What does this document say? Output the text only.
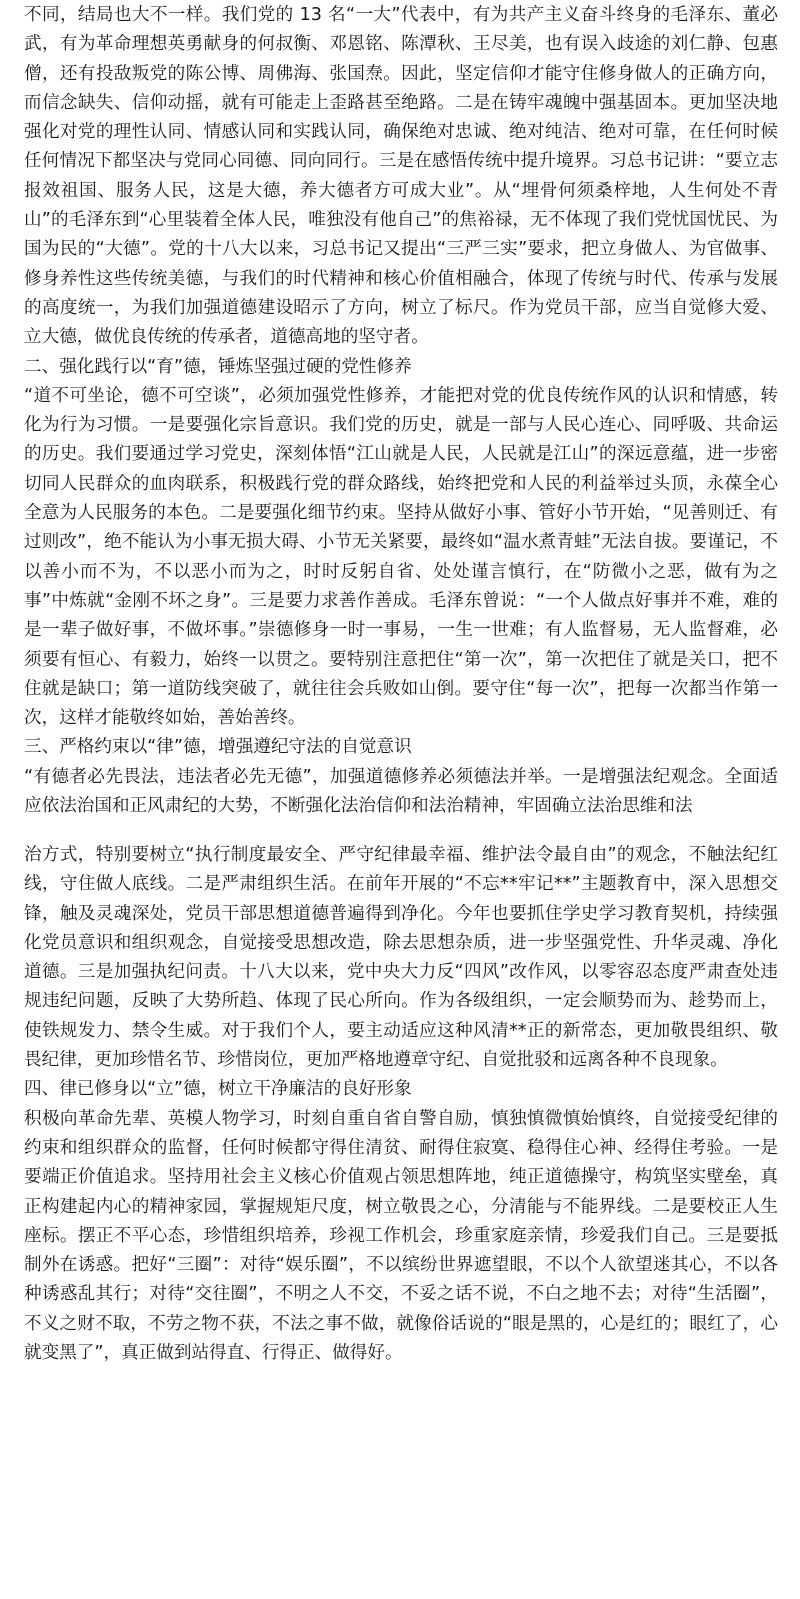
不同，结局也大不一样。我们党的 13 名“一大”代表中，有为共产主义奋斗终身的毛泽东、董必武，有为革命理想英勇献身的何叔衡、邓恩铭、陈潭秋、王尽美，也有误入歧途的刘仁静、包惠僧，还有投敌叛党的陈公博、周佛海、张国焘。因此，坚定信仰才能守住修身做人的正确方向，而信念缺失、信仰动摇，就有可能走上歪路甚至绝路。二是在铸牢魂魄中强基固本。更加坚决地强化对党的理性认同、情感认同和实践认同，确保绝对忠诚、绝对纯洁、绝对可靠，在任何时候任何情况下都坚决与党同心同德、同向同行。三是在感悟传统中提升境界。习总书记讲：“要立志报效祖国、服务人民，这是大德，养大德者方可成大业”。从“埋骨何须桑梓地，人生何处不青山”的毛泽东到“心里装着全体人民，唯独没有他自己”的焦裕禄，无不体现了我们党忧国忧民、为国为民的“大德”。党的十八大以来，习总书记又提出“三严三实”要求，把立身做人、为官做事、修身养性这些传统美德，与我们的时代精神和核心价值相融合，体现了传统与时代、传承与发展的高度统一，为我们加强道德建设昭示了方向，树立了标尺。作为党员干部，应当自觉修大爱、立大德，做优良传统的传承者，道德高地的坚守者。

二、强化践行以“育”德，锤炼坚强过硬的党性修养

“道不可坐论，德不可空谈”，必须加强党性修养，才能把对党的优良传统作风的认识和情感，转化为行为习惯。一是要强化宗旨意识。我们党的历史，就是一部与人民心连心、同呼吸、共命运的历史。我们要通过学习党史，深刻体悟“江山就是人民，人民就是江山”的深远意蕴，进一步密切同人民群众的血肉联系，积极践行党的群众路线，始终把党和人民的利益举过头顶，永葆全心全意为人民服务的本色。二是要强化细节约束。坚持从做好小事、管好小节开始，“见善则迁、有过则改”，绝不能认为小事无损大碍、小节无关紧要，最终如“温水煮青蛙”无法自拔。要谨记，不以善小而不为，不以恶小而为之，时时反躬自省、处处谨言慎行，在“防微小之恶，做有为之事”中炼就“金刚不坏之身”。三是要力求善作善成。毛泽东曾说：“一个人做点好事并不难，难的是一辈子做好事，不做坏事。”崇德修身一时一事易，一生一世难；有人监督易，无人监督难，必须要有恒心、有毅力，始终一以贯之。要特别注意把住“第一次”，第一次把住了就是关口，把不住就是缺口；第一道防线突破了，就往往会兵败如山倒。要守住“每一次”，把每一次都当作第一次，这样才能敬终如始，善始善终。

三、严格约束以“律”德，增强遵纪守法的自觉意识

“有德者必先畏法，违法者必先无德”，加强道德修养必须德法并举。一是增强法纪观念。全面适应依法治国和正风肃纪的大势，不断强化法治信仰和法治精神，牢固确立法治思维和法

治方式，特别要树立“执行制度最安全、严守纪律最幸福、维护法令最自由”的观念，不触法纪红线，守住做人底线。二是严肃组织生活。在前年开展的“不忘**牢记**”主题教育中，深入思想交锋，触及灵魂深处，党员干部思想道德普遍得到净化。今年也要抓住学史学习教育契机，持续强化党员意识和组织观念，自觉接受思想改造，除去思想杂质，进一步坚强党性、升华灵魂、净化道德。三是加强执纪问责。十八大以来，党中央大力反“四风”改作风，以零容忍态度严肃查处违规违纪问题，反映了大势所趋、体现了民心所向。作为各级组织，一定会顺势而为、趁势而上，使铁规发力、禁令生威。对于我们个人，要主动适应这种风清**正的新常态，更加敬畏组织、敬畏纪律，更加珍惜名节、珍惜岗位，更加严格地遵章守纪、自觉批驳和远离各种不良现象。

四、律已修身以“立”德，树立干净廉洁的良好形象

积极向革命先辈、英模人物学习，时刻自重自省自警自励，慎独慎微慎始慎终，自觉接受纪律的约束和组织群众的监督，任何时候都守得住清贫、耐得住寂寞、稳得住心神、经得住考验。一是要端正价值追求。坚持用社会主义核心价值观占领思想阵地，纯正道德操守，构筑坚实壁垒，真正构建起内心的精神家园，掌握规矩尺度，树立敬畏之心，分清能与不能界线。二是要校正人生座标。摆正不平心态，珍惜组织培养，珍视工作机会，珍重家庭亲情，珍爱我们自己。三是要抵制外在诱惑。把好“三圈”：对待“娱乐圈”，不以缤纷世界遮望眼，不以个人欲望迷其心，不以各种诱惑乱其行；对待“交往圈”，不明之人不交，不妥之话不说，不白之地不去；对待“生活圈”，不义之财不取，不劳之物不获，不法之事不做，就像俗话说的“眼是黑的，心是红的；眼红了，心就变黑了”，真正做到站得直、行得正、做得好。
